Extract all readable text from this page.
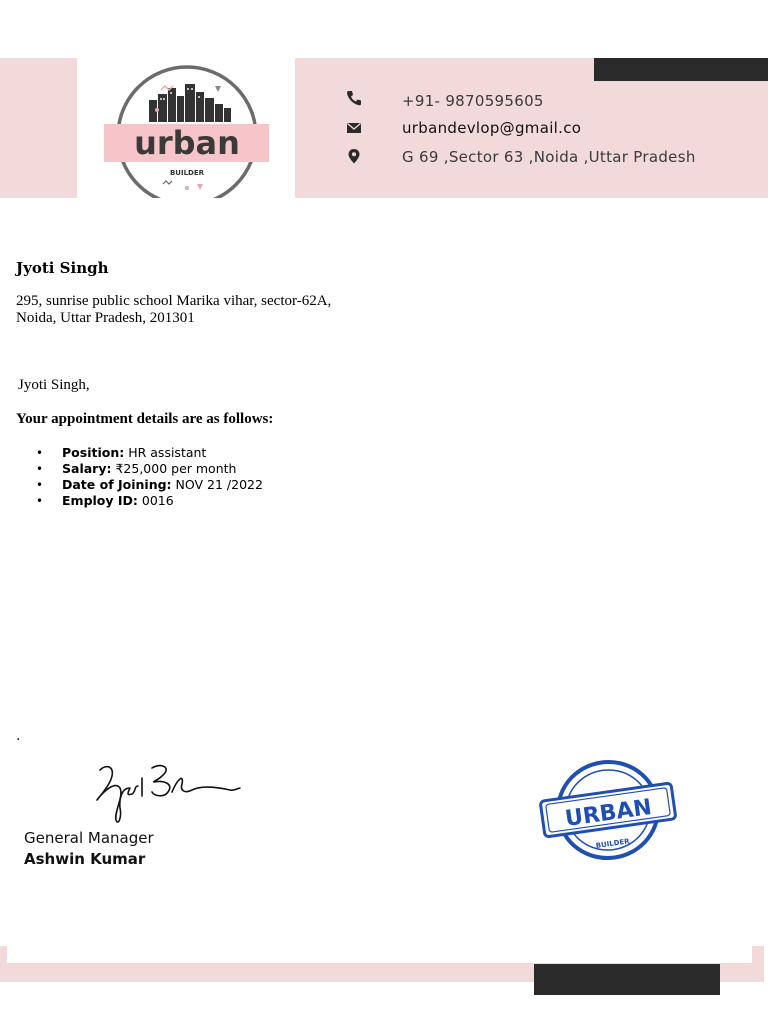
urban
BUILDER
+91- 9870595605
urbandevlop@gmail.co
G 69 ,Sector 63 ,Noida ,Uttar Pradesh
Jyoti Singh
295, sunrise public school Marika vihar, sector-62A,
Noida, Uttar Pradesh, 201301
Jyoti Singh,
Your appointment details are as follows:
• Position: HR assistant
• Salary: ₹25,000 per month
• Date of Joining: NOV 21 /2022
• Employ ID: 0016
.
General Manager
Ashwin Kumar
URBAN
BUILDER
